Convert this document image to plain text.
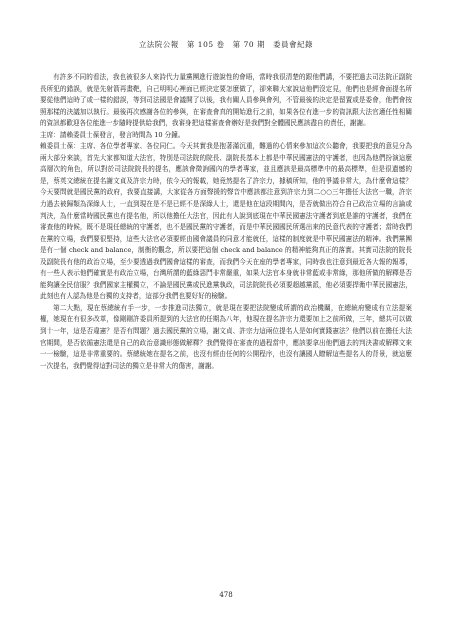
立法院公報　第 105 卷　第 70 期　委員會紀錄

有許多不同的看法，我也被很多人來詩代力量黨團進行遊說性的會晤，當時我很清楚的跟他們講，不要把過去司法院正副院長所犯的錯誤，就是先射箭再畫靶，自己明明心裡面已經決定要怎麼做了，卻來聯大家說這他們沒定見，他們也是經會面提名所要從他們這時了或一樣的錯誤，等到司法國是會議開了以後，我有關人員參與會列，不管最後的決定是留置或是委會，他們會按照那樣的決議加以執行。最後再次感謝各位的參與，在審查會真的開始進行之前，如果各位有進一步的資訊跟大法官適任性相關的資訊都歡迎各位能進一步隨時提供給我們，我審身把這樣審查會辦好是我們對全體國民應該盡自的責任，謝謝。

主席：請賴委員士葆發言，發言時間為 10 分鐘。

賴委員士葆：主席、各位學者專家、各位同仁。今天其實我是抱著滿沉重，難過的心情來參加這次公聽會，我要把我的意見分為兩大部分來談，首先大家都知道大法官，特別是司法院的院長、副院長基本上都是中華民國憲法的守護者，也因為他們扮演這麼高層次的角色，所以對於司法院院長的提名，應該會徵詢國內的學者專家，並且應該是最高標準中的最高標準，但是很遺憾的是，蔡英文總統在提名謝文貞及許宗力時，依今天的報載，她竟然提名了許宗力，據稿所知，他的爭議非常大，為什麼會這樣？今天要問就是國民黨的政府，我要直接講，大家從各方面聲援的聲音中應該都注意到許宗力到二○○三年擔任大法官一職，許宗力過去被歸類為深綠人士，一直到現在是不是已經不是深綠人士，還是他在這段期間內，是否就做出符合自己政治立場的言論或判決，為什麼當時國民黨也有提名他，所以他擔任大法官，因此有人說到底現在中華民國憲法守護者到底是誰的守護者，我們在審查他的時候，既不是現任總統的守護者，也不是國民黨的守護者，而是中華民國國民所選出來的民意代表的守護者；當時我們在黨的立場，我們要很堅持，這些大法官必須要經由國會議員的同意才能就任，這樣的制度就是中華民國憲法的精神。我們黨團是有一個 check and balance，制衡的觀念，所以要把這個 check and balance 的精神能夠真正的落實。其實司法院的院長及副院長有他的政治立場，至少要透過我們國會這樣的審查，而我們今天在座的學者專家，同時我也注意到最近各大報的報導，有一些人表示他們確實是有政治立場，台灣所謂的藍綠惡鬥非常嚴重，如果大法官本身就非常藍或非常綠，那他所做的解釋是否能夠讓全民信服？我們國家主權獨立，不論是國民黨或民進黨執政，司法院院長必須要超越黨派，他必須要捍衛中華民國憲法，此刻也有人認為他是台獨的支持者，這部分我們也要好好的檢驗。

第二大點，現在蔡總統有手一步，一步推進司法獨立，就是現在要把法院變成所謂的政治機關，在總統府變成有立法提案權，她現在有很多改革，像剛剛許委員所提到的大法官的任期為八年，他現在提名許宗力還要加上之前所做，三年，總共可以做到十一年，這是否違憲？是否有問題？過去國民黨的立場，謝文貞、許宗力這兩位提名人是如何實踐憲法？他們以前在擔任大法官期間，是否依循憲法還是自己的政治意識形態做解釋？我們覺得在審查的過程當中，應該要拿出他們過去的判決書或解釋文來一一檢驗，這是非常重要的。蔡總統她在提名之前，也沒有經由任何的公開程序，也沒有讓國人瞭解這些提名人的背景，就這麼一次提名，我們覺得這對司法的獨立是非常大的傷害，謝謝。

478
